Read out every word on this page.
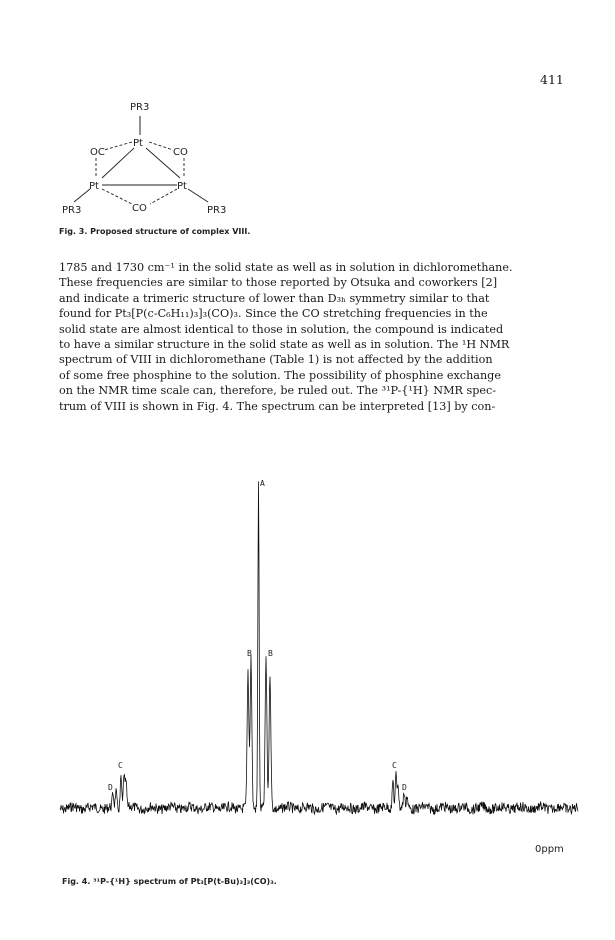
411
PR3
Pt
OC	CO
Pt	Pt
PR3	CO	PR3
Fig. 3. Proposed structure of complex VIII.
1785 and 1730 cm⁻¹ in the solid state as well as in solution in dichloromethane.
These frequencies are similar to those reported by Otsuka and coworkers [2]
and indicate a trimeric structure of lower than D₃ₕ symmetry similar to that
found for Pt₃[P(c-C₆H₁₁)₃]₃(CO)₃. Since the CO stretching frequencies in the
solid state are almost identical to those in solution, the compound is indicated
to have a similar structure in the solid state as well as in solution. The ¹H NMR
spectrum of VIII in dichloromethane (Table 1) is not affected by the addition
of some free phosphine to the solution. The possibility of phosphine exchange
on the NMR time scale can, therefore, be ruled out. The ³¹P-{¹H} NMR spec-
trum of VIII is shown in Fig. 4. The spectrum can be interpreted [13] by con-
A
B B
C	C
D	D
0ppm
Fig. 4. ³¹P-{¹H} spectrum of Pt₃[P(t-Bu)₃]₃(CO)₃.
